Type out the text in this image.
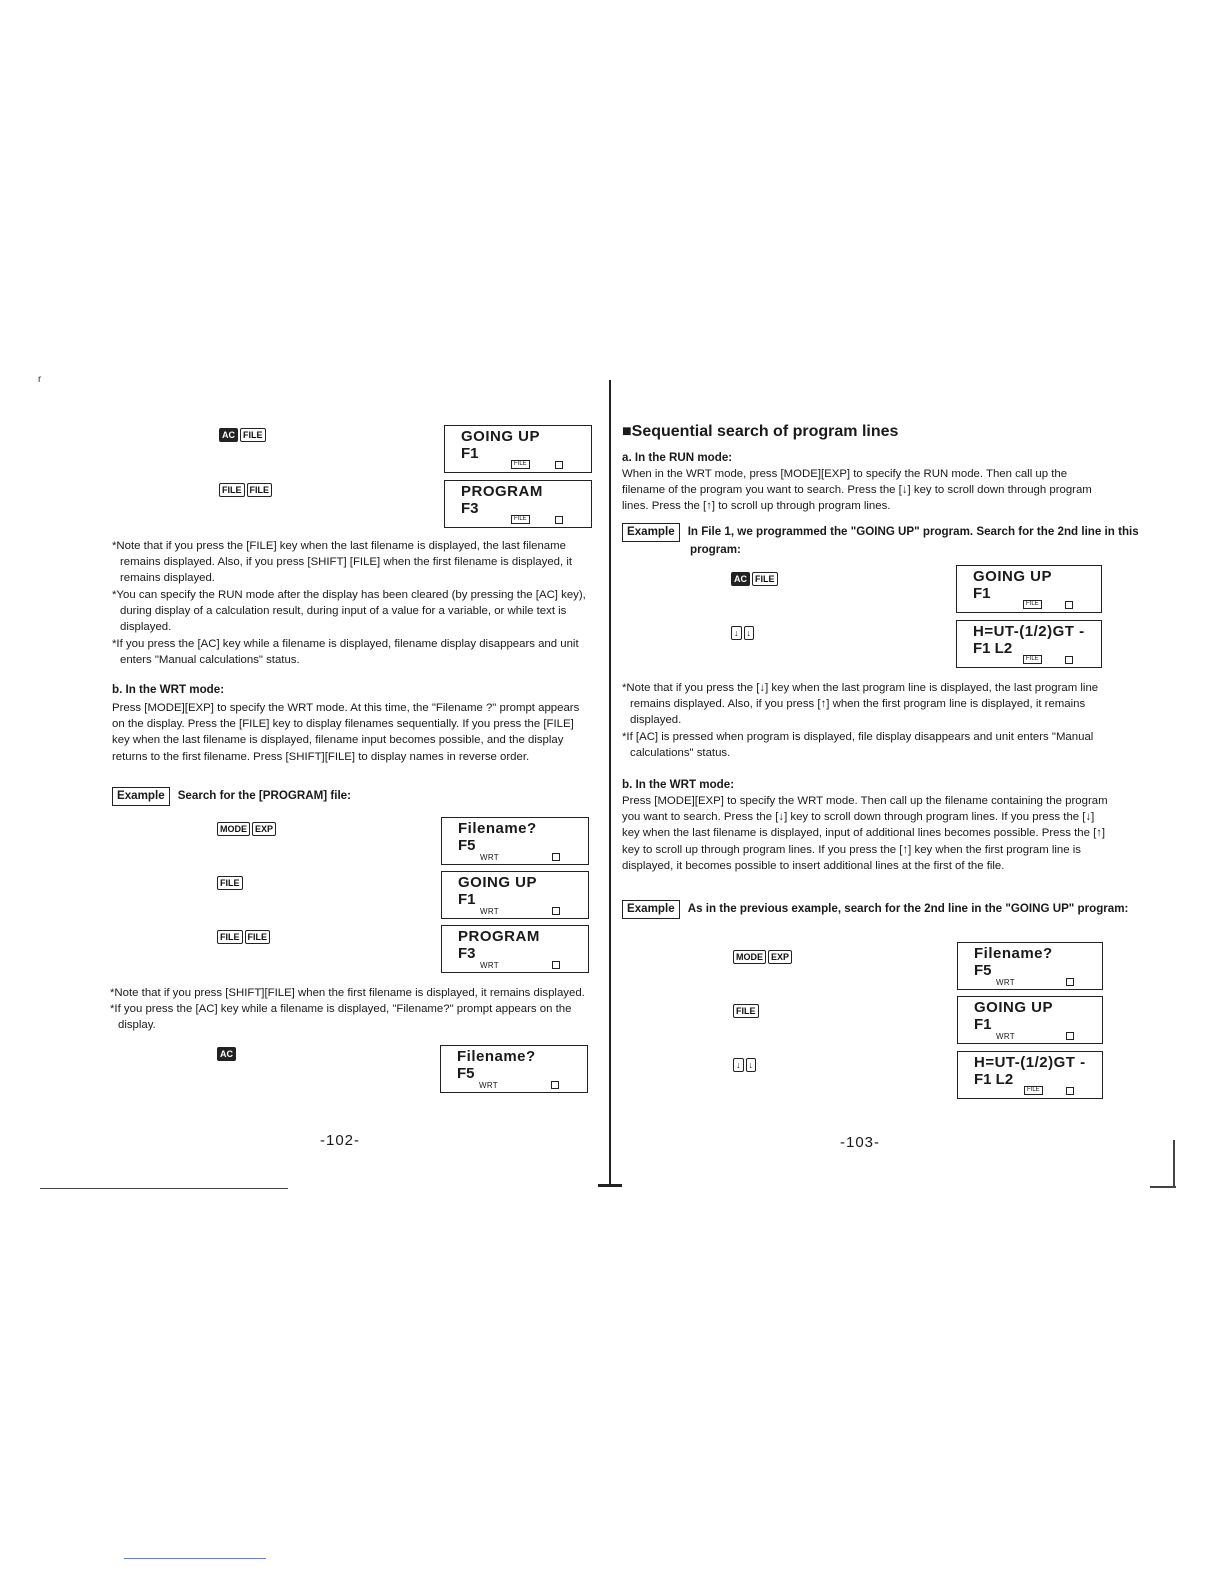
r
AC FILE	GOING UP
F1
FILE
FILE FILE	PROGRAM
F3
FILE
*Note that if you press the [FILE] key when the last filename is displayed, the last filename remains displayed. Also, if you press [SHIFT] [FILE] when the first filename is displayed, it remains displayed.
*You can specify the RUN mode after the display has been cleared (by pressing the [AC] key), during display of a calculation result, during input of a value for a variable, or while text is displayed.
*If you press the [AC] key while a filename is displayed, filename display disappears and unit enters "Manual calculations" status.
b. In the WRT mode:
Press [MODE][EXP] to specify the WRT mode. At this time, the "Filename ?" prompt appears on the display. Press the [FILE] key to display filenames sequentially. If you press the [FILE] key when the last filename is displayed, filename input becomes possible, and the display returns to the first filename. Press [SHIFT][FILE] to display names in reverse order.
Example Search for the [PROGRAM] file:
MODE EXP	Filename?
F5
WRT
FILE	GOING UP
F1
WRT
FILE FILE	PROGRAM
F3
WRT
*Note that if you press [SHIFT][FILE] when the first filename is displayed, it remains displayed.
*If you press the [AC] key while a filename is displayed, "Filename?" prompt appears on the display.
AC	Filename?
F5
WRT
-102-
■Sequential search of program lines
a. In the RUN mode:
When in the WRT mode, press [MODE][EXP] to specify the RUN mode. Then call up the filename of the program you want to search. Press the [↓] key to scroll down through program lines. Press the [↑] to scroll up through program lines.
Example In File 1, we programmed the "GOING UP" program. Search for the 2nd line in this program:
AC FILE	GOING UP
F1
FILE
↓ ↓	H=UT-(1/2)GT -
F1 L2
FILE
*Note that if you press the [↓] key when the last program line is displayed, the last program line remains displayed. Also, if you press [↑] when the first program line is displayed, it remains displayed.
*If [AC] is pressed when program is displayed, file display disappears and unit enters "Manual calculations" status.
b. In the WRT mode:
Press [MODE][EXP] to specify the WRT mode. Then call up the filename containing the program you want to search. Press the [↓] key to scroll down through program lines. If you press the [↓] key when the last filename is displayed, input of additional lines becomes possible. Press the [↑] key to scroll up through program lines. If you press the [↑] key when the first program line is displayed, it becomes possible to insert additional lines at the first of the file.
Example As in the previous example, search for the 2nd line in the "GOING UP" program:
MODE EXP	Filename?
F5
WRT
FILE	GOING UP
F1
WRT
↓ ↓	H=UT-(1/2)GT -
F1 L2
FILE
-103-
